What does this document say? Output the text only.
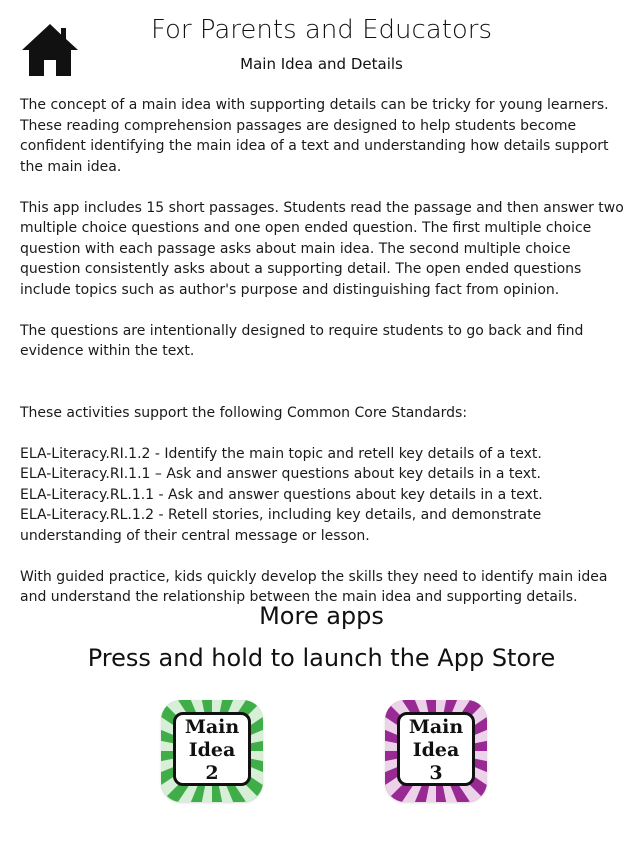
For Parents and Educators
Main Idea and Details

The concept of a main idea with supporting details can be tricky for young learners. These reading comprehension passages are designed to help students become confident identifying the main idea of a text and understanding how details support the main idea.

This app includes 15 short passages. Students read the passage and then answer two multiple choice questions and one open ended question. The first multiple choice question with each passage asks about main idea. The second multiple choice question consistently asks about a supporting detail. The open ended questions include topics such as author's purpose and distinguishing fact from opinion.

The questions are intentionally designed to require students to go back and find evidence within the text.

These activities support the following Common Core Standards:

ELA-Literacy.RI.1.2 - Identify the main topic and retell key details of a text.

ELA-Literacy.RI.1.1 – Ask and answer questions about key details in a text.

ELA-Literacy.RL.1.1 - Ask and answer questions about key details in a text.

ELA-Literacy.RL.1.2 - Retell stories, including key details, and demonstrate understanding of their central message or lesson.

With guided practice, kids quickly develop the skills they need to identify main idea and understand the relationship between the main idea and supporting details.

More apps
Press and hold to launch the App Store
Main
Idea
2
Main
Idea
3
